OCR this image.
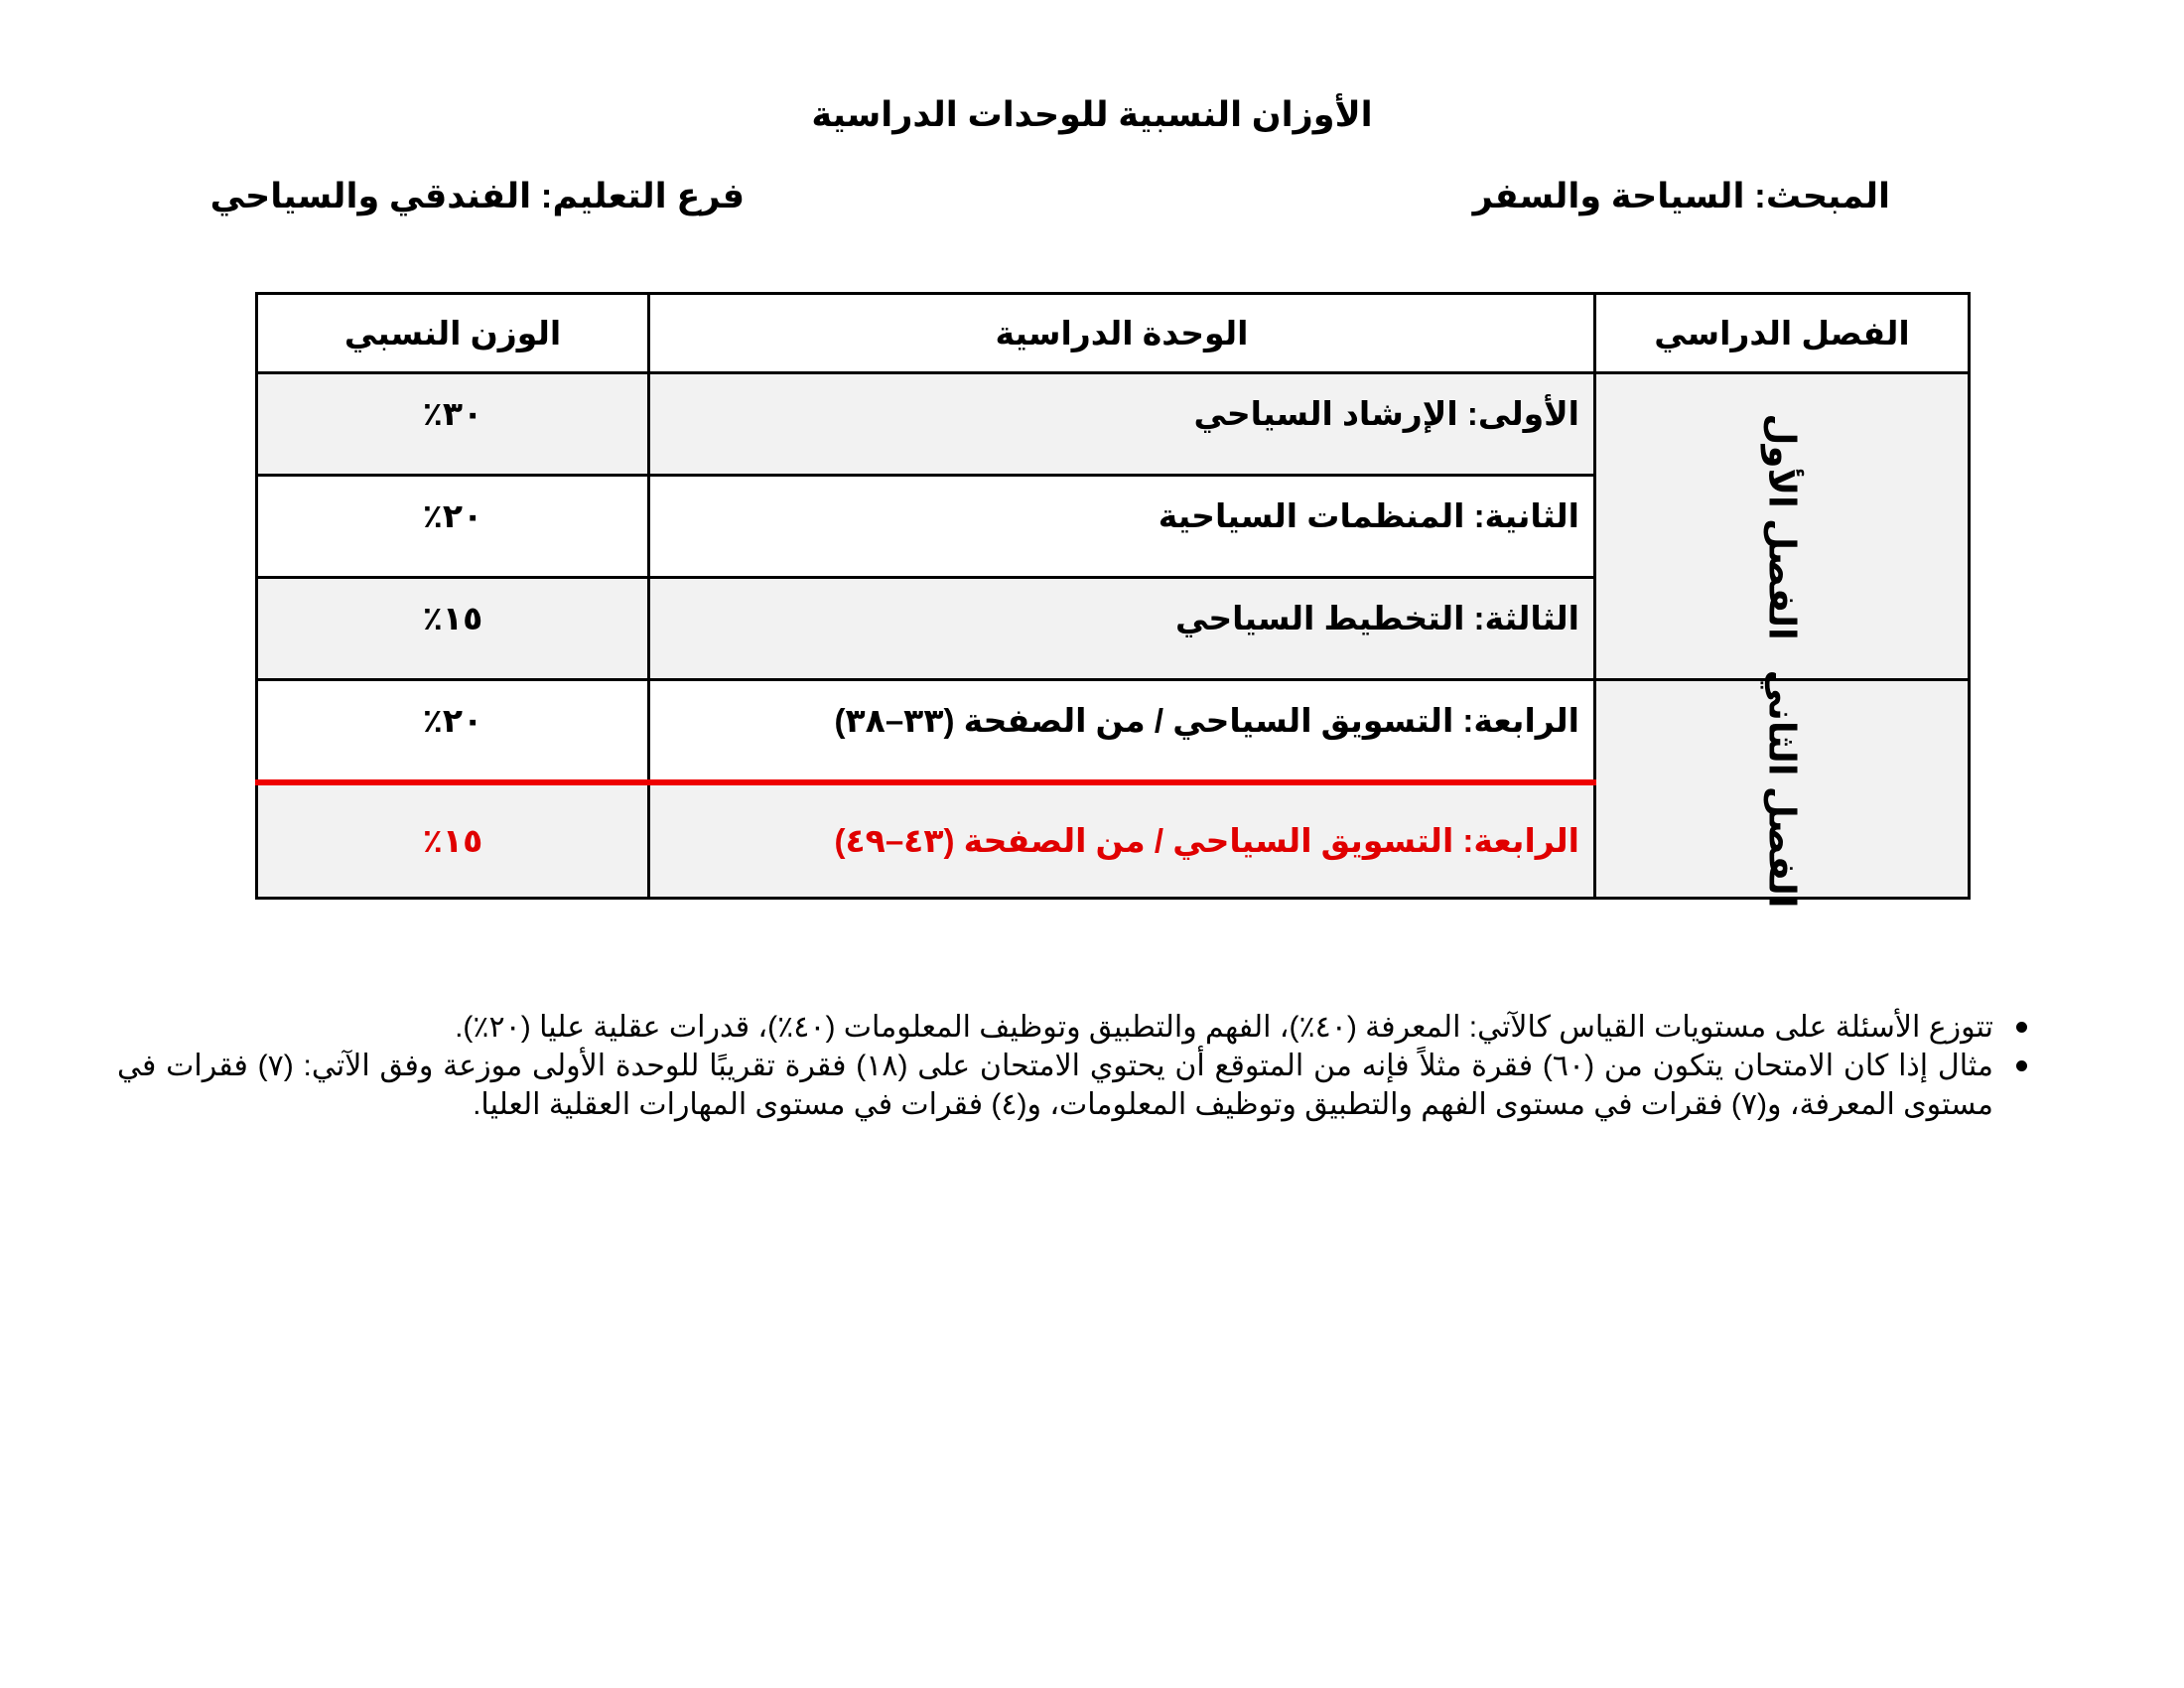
الأوزان النسبية للوحدات الدراسية
المبحث: السياحة والسفر
فرع التعليم: الفندقي والسياحي
الفصل الدراسي	الوحدة الدراسية	الوزن النسبي
الفصل الأول	الأولى: الإرشاد السياحي	٣٠٪
	الثانية: المنظمات السياحية	٢٠٪
	الثالثة: التخطيط السياحي	١٥٪
الفصل الثاني	الرابعة: التسويق السياحي / من الصفحة (٣٣–٣٨)	٢٠٪
	الرابعة: التسويق السياحي / من الصفحة (٤٣–٤٩)	١٥٪
تتوزع الأسئلة على مستويات القياس كالآتي: المعرفة (٤٠٪)، الفهم والتطبيق وتوظيف المعلومات (٤٠٪)، قدرات عقلية عليا (٢٠٪).
مثال إذا كان الامتحان يتكون من (٦٠) فقرة مثلاً فإنه من المتوقع أن يحتوي الامتحان على (١٨) فقرة تقريبًا للوحدة الأولى موزعة وفق الآتي: (٧) فقرات في مستوى المعرفة، و(٧) فقرات في مستوى الفهم والتطبيق وتوظيف المعلومات، و(٤) فقرات في مستوى المهارات العقلية العليا.
